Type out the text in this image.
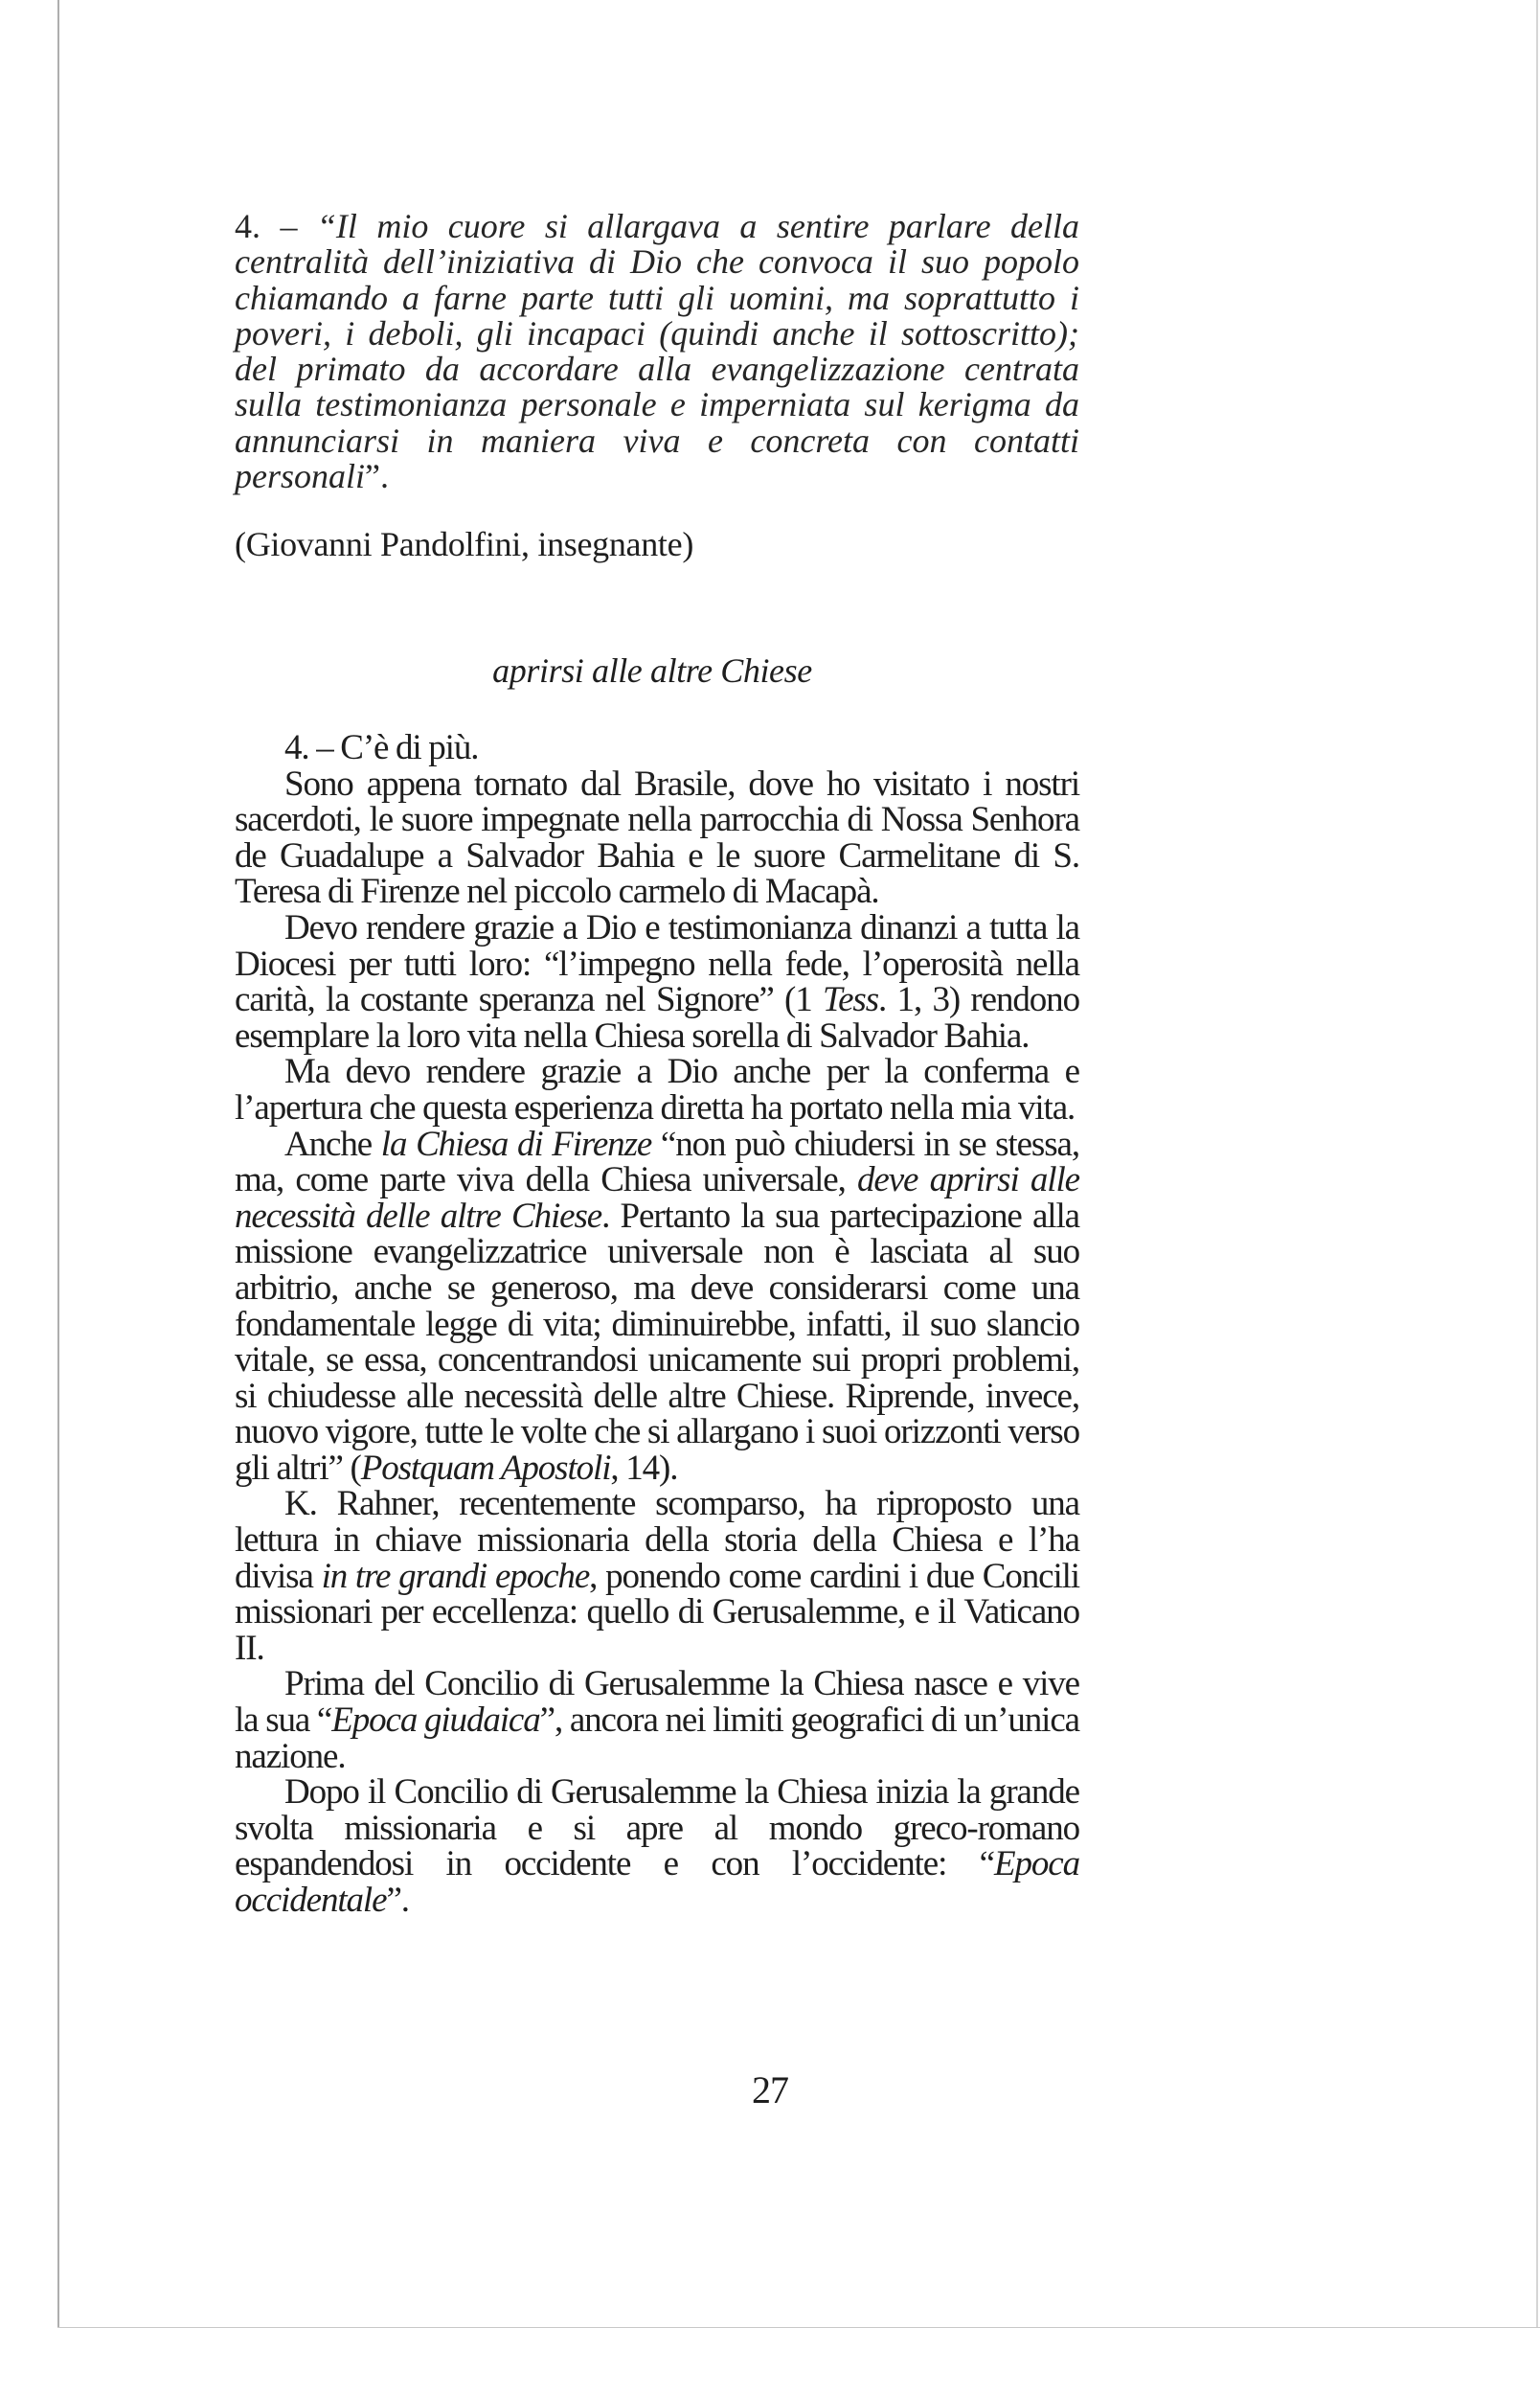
4. – “Il mio cuore si allargava a sentire parlare della centralità dell’iniziativa di Dio che convoca il suo popolo chiamando a farne parte tutti gli uomini, ma soprattutto i poveri, i deboli, gli incapaci (quindi anche il sottoscritto); del primato da accordare alla evangelizzazione centrata sulla testimonianza personale e imperniata sul kerigma da annunciarsi in maniera viva e concreta con contatti personali”.
(Giovanni Pandolfini, insegnante)
aprirsi alle altre Chiese

4. – C’è di più.

Sono appena tornato dal Brasile, dove ho visitato i nostri sacerdoti, le suore impegnate nella parrocchia di Nossa Senhora de Guadalupe a Salvador Bahia e le suore Carmelitane di S. Teresa di Firenze nel piccolo carmelo di Macapà.

Devo rendere grazie a Dio e testimonianza dinanzi a tutta la Diocesi per tutti loro: “l’impegno nella fede, l’operosità nella carità, la costante speranza nel Signore” (1 Tess. 1, 3) rendono esemplare la loro vita nella Chiesa sorella di Salvador Bahia.

Ma devo rendere grazie a Dio anche per la conferma e l’apertura che questa esperienza diretta ha portato nella mia vita.

Anche la Chiesa di Firenze “non può chiudersi in se stessa, ma, come parte viva della Chiesa universale, deve aprirsi alle necessità delle altre Chiese. Pertanto la sua partecipazione alla missione evangelizzatrice universale non è lasciata al suo arbitrio, anche se generoso, ma deve considerarsi come una fondamentale legge di vita; diminuirebbe, infatti, il suo slancio vitale, se essa, concentrandosi unicamente sui propri problemi, si chiudesse alle necessità delle altre Chiese. Riprende, invece, nuovo vigore, tutte le volte che si allargano i suoi orizzonti verso gli altri” (Postquam Apostoli, 14).

K. Rahner, recentemente scomparso, ha riproposto una lettura in chiave missionaria della storia della Chiesa e l’ha divisa in tre grandi epoche, ponendo come cardini i due Concili missionari per eccellenza: quello di Gerusalemme, e il Vaticano II.

Prima del Concilio di Gerusalemme la Chiesa nasce e vive la sua “Epoca giudaica”, ancora nei limiti geografici di un’unica nazione.

Dopo il Concilio di Gerusalemme la Chiesa inizia la grande svolta missionaria e si apre al mondo greco-romano espandendosi in occidente e con l’occidente: “Epoca occidentale”.

27
